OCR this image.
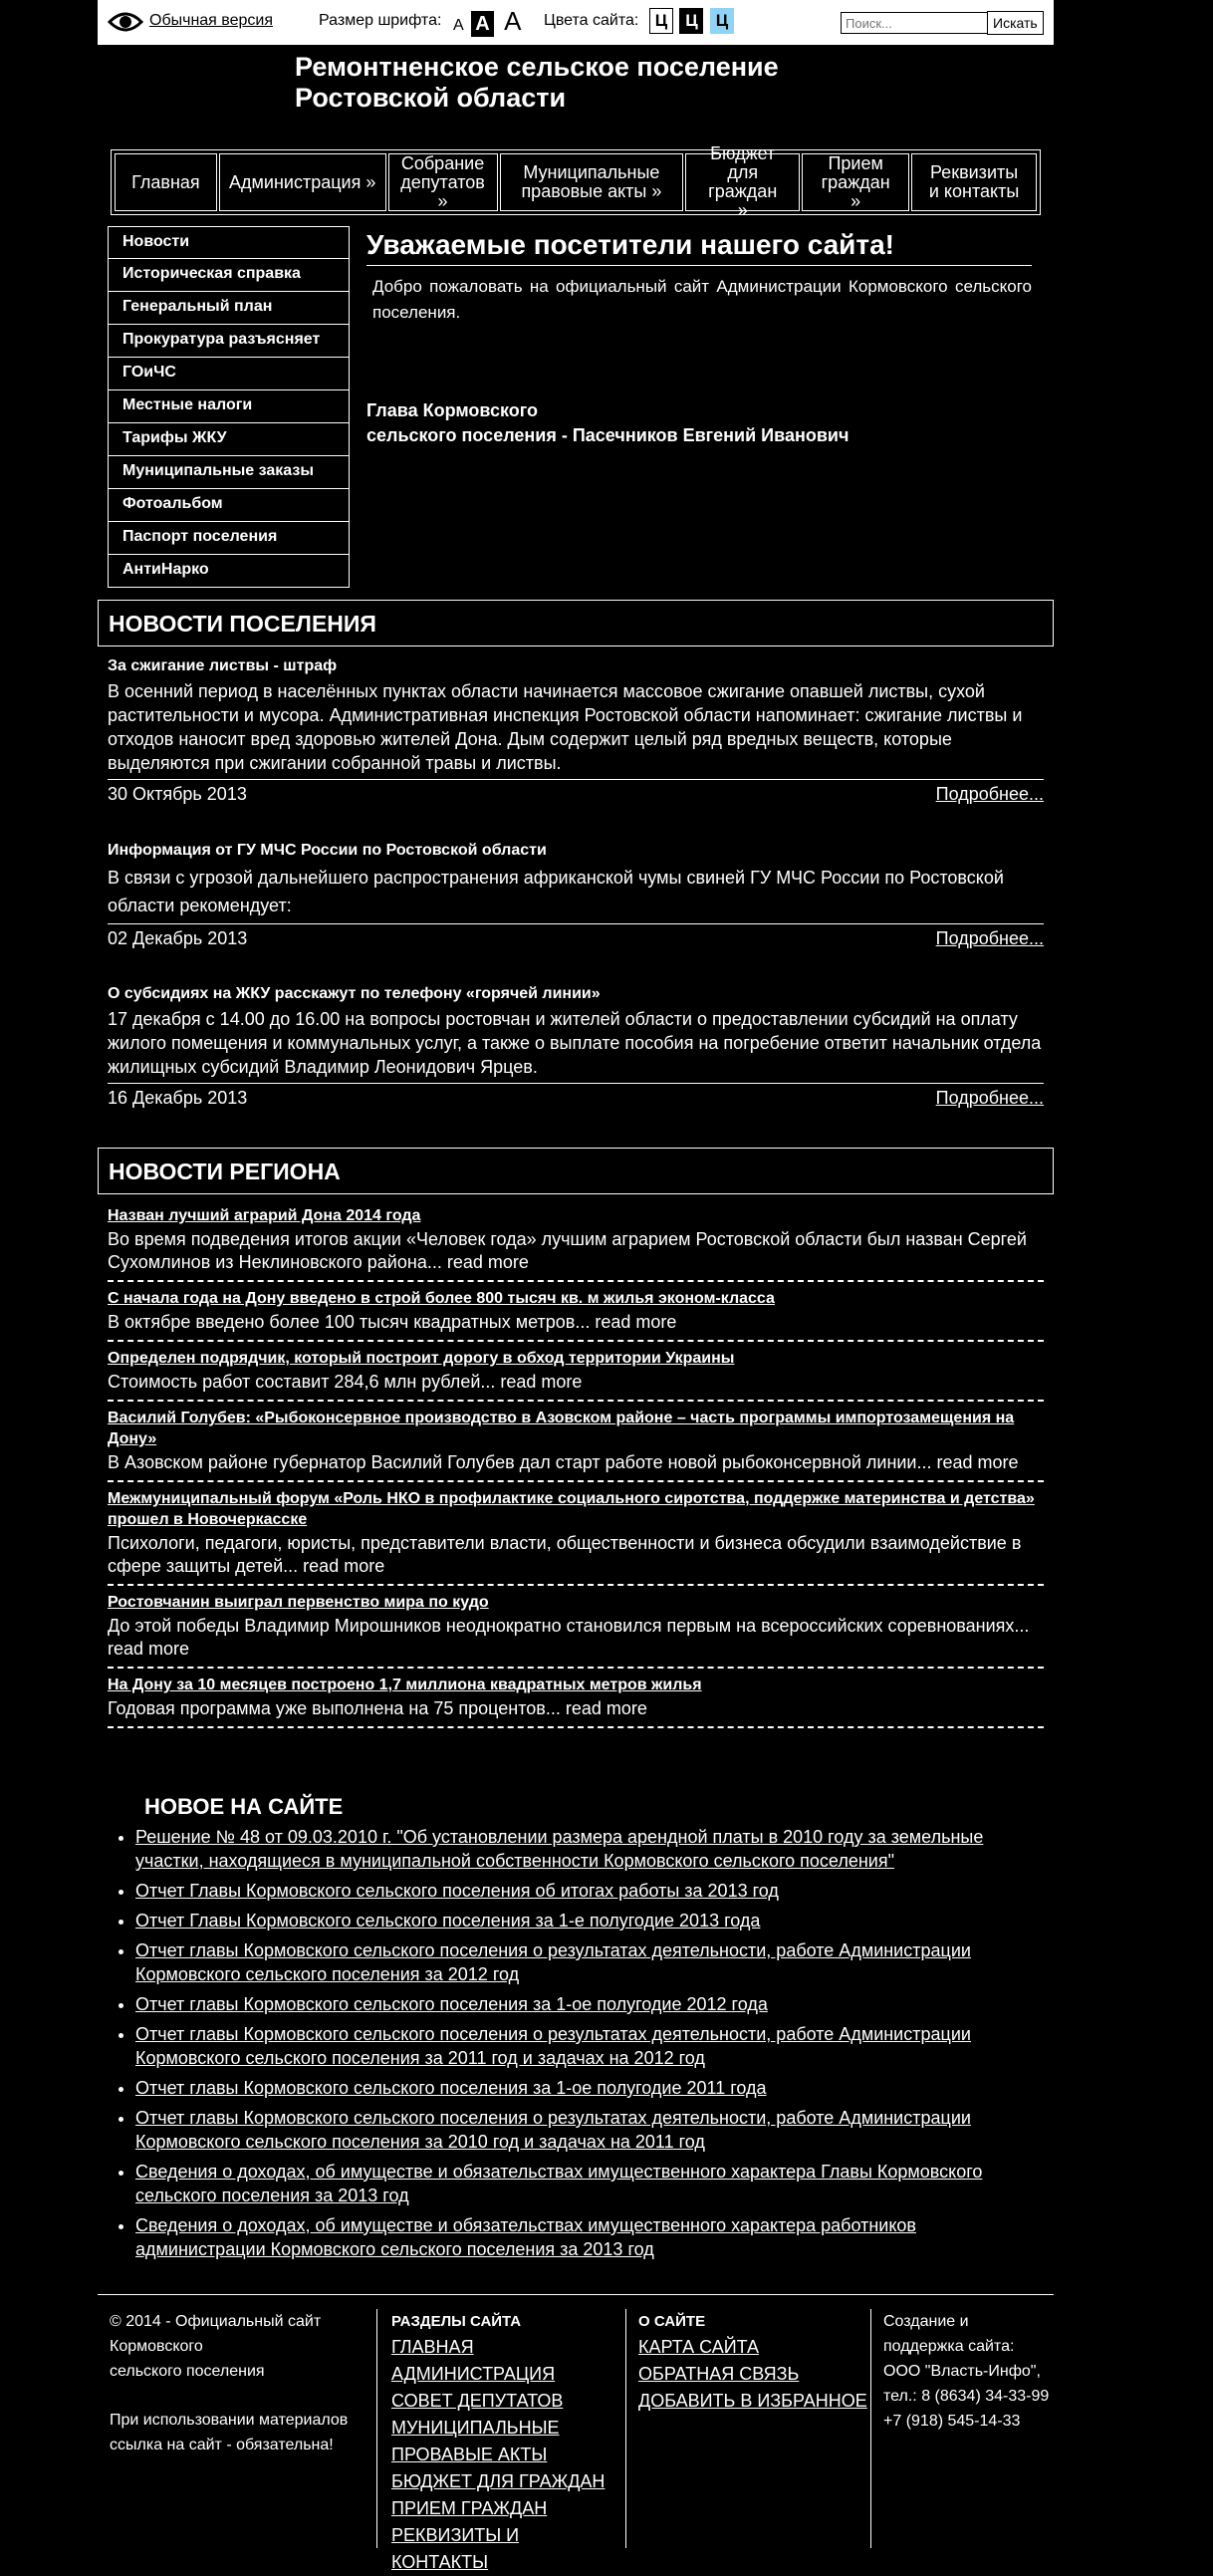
Обычная версия	Размер шрифта: A A A Цвета сайта: Ц Ц Ц
Поиск...	Искать
Ремонтненское сельское поселение
Ростовской области
Главная	Администрация »
Собрание депутатов »
Муниципальные правовые акты »
Бюджет для граждан »
Прием граждан »
Реквизиты и контакты
Новости
Историческая справка
Генеральный план
Прокуратура разъясняет
ГОиЧС
Местные налоги
Тарифы ЖКУ
Муниципальные заказы
Фотоальбом
Паспорт поселения
АнтиНарко
Уважаемые посетители нашего сайта!

Добро пожаловать на официальный сайт Администрации Кормовского сельского поселения.

Глава Кормовского
сельского поселения - Пасечников Евгений Иванович
НОВОСТИ ПОСЕЛЕНИЯ
За сжигание листвы - штраф
В осенний период в населённых пунктах области начинается массовое сжигание опавшей листвы, сухой растительности и мусора. Административная инспекция Ростовской области напоминает: сжигание листвы и отходов наносит вред здоровью жителей Дона. Дым содержит целый ряд вредных веществ, которые выделяются при сжигании собранной травы и листвы.
30 Октябрь 2013	Подробнее...
Информация от ГУ МЧС России по Ростовской области
В связи с угрозой дальнейшего распространения африканской чумы свиней ГУ МЧС России по Ростовской области рекомендует:
02 Декабрь 2013	Подробнее...
О субсидиях на ЖКУ расскажут по телефону «горячей линии»
17 декабря с 14.00 до 16.00 на вопросы ростовчан и жителей области о предоставлении субсидий на оплату жилого помещения и коммунальных услуг, а также о выплате пособия на погребение ответит начальник отдела жилищных субсидий Владимир Леонидович Ярцев.
16 Декабрь 2013	Подробнее...
НОВОСТИ РЕГИОНА
Назван лучший аграрий Дона 2014 года
Во время подведения итогов акции «Человек года» лучшим аграрием Ростовской области был назван Сергей Сухомлинов из Неклиновского района... read more
С начала года на Дону введено в строй более 800 тысяч кв. м жилья эконом-класса
В октябре введено более 100 тысяч квадратных метров... read more
Определен подрядчик, который построит дорогу в обход территории Украины
Стоимость работ составит 284,6 млн рублей... read more
Василий Голубев: «Рыбоконсервное производство в Азовском районе – часть программы импортозамещения на Дону»
В Азовском районе губернатор Василий Голубев дал старт работе новой рыбоконсервной линии... read more
Межмуниципальный форум «Роль НКО в профилактике социального сиротства, поддержке материнства и детства» прошел в Новочеркасске
Психологи, педагоги, юристы, представители власти, общественности и бизнеса обсудили взаимодействие в сфере защиты детей... read more
Ростовчанин выиграл первенство мира по кудо
До этой победы Владимир Мирошников неоднократно становился первым на всероссийских соревнованиях... read more
На Дону за 10 месяцев построено 1,7 миллиона квадратных метров жилья
Годовая программа уже выполнена на 75 процентов... read more
НОВОЕ НА САЙТЕ
• Решение № 48 от 09.03.2010 г. "Об установлении размера арендной платы в 2010 году за земельные участки, находящиеся в муниципальной собственности Кормовского сельского поселения"
• Отчет Главы Кормовского сельского поселения об итогах работы за 2013 год
• Отчет Главы Кормовского сельского поселения за 1-е полугодие 2013 года
• Отчет главы Кормовского сельского поселения о результатах деятельности, работе Администрации Кормовского сельского поселения за 2012 год
• Отчет главы Кормовского сельского поселения за 1-ое полугодие 2012 года
• Отчет главы Кормовского сельского поселения о результатах деятельности, работе Администрации Кормовского сельского поселения за 2011 год и задачах на 2012 год
• Отчет главы Кормовского сельского поселения за 1-ое полугодие 2011 года
• Отчет главы Кормовского сельского поселения о результатах деятельности, работе Администрации Кормовского сельского поселения за 2010 год и задачах на 2011 год
• Сведения о доходах, об имуществе и обязательствах имущественного характера Главы Кормовского сельского поселения за 2013 год
• Сведения о доходах, об имуществе и обязательствах имущественного характера работников администрации Кормовского сельского поселения за 2013 год
© 2014 - Официальный сайт
Кормовского
сельского поселения
При использовании материалов
ссылка на сайт - обязательна!
РАЗДЕЛЫ САЙТА
ГЛАВНАЯ
АДМИНИСТРАЦИЯ
СОВЕТ ДЕПУТАТОВ
МУНИЦИПАЛЬНЫЕ
ПРОВАВЫЕ АКТЫ
БЮДЖЕТ ДЛЯ ГРАЖДАН
ПРИЕМ ГРАЖДАН
РЕКВИЗИТЫ И КОНТАКТЫ
О САЙТЕ
КАРТА САЙТА
ОБРАТНАЯ СВЯЗЬ
ДОБАВИТЬ В ИЗБРАННОЕ
Создание и
поддержка сайта:
ООО "Власть-Инфо",
тел.: 8 (8634) 34-33-99
+7 (918) 545-14-33
